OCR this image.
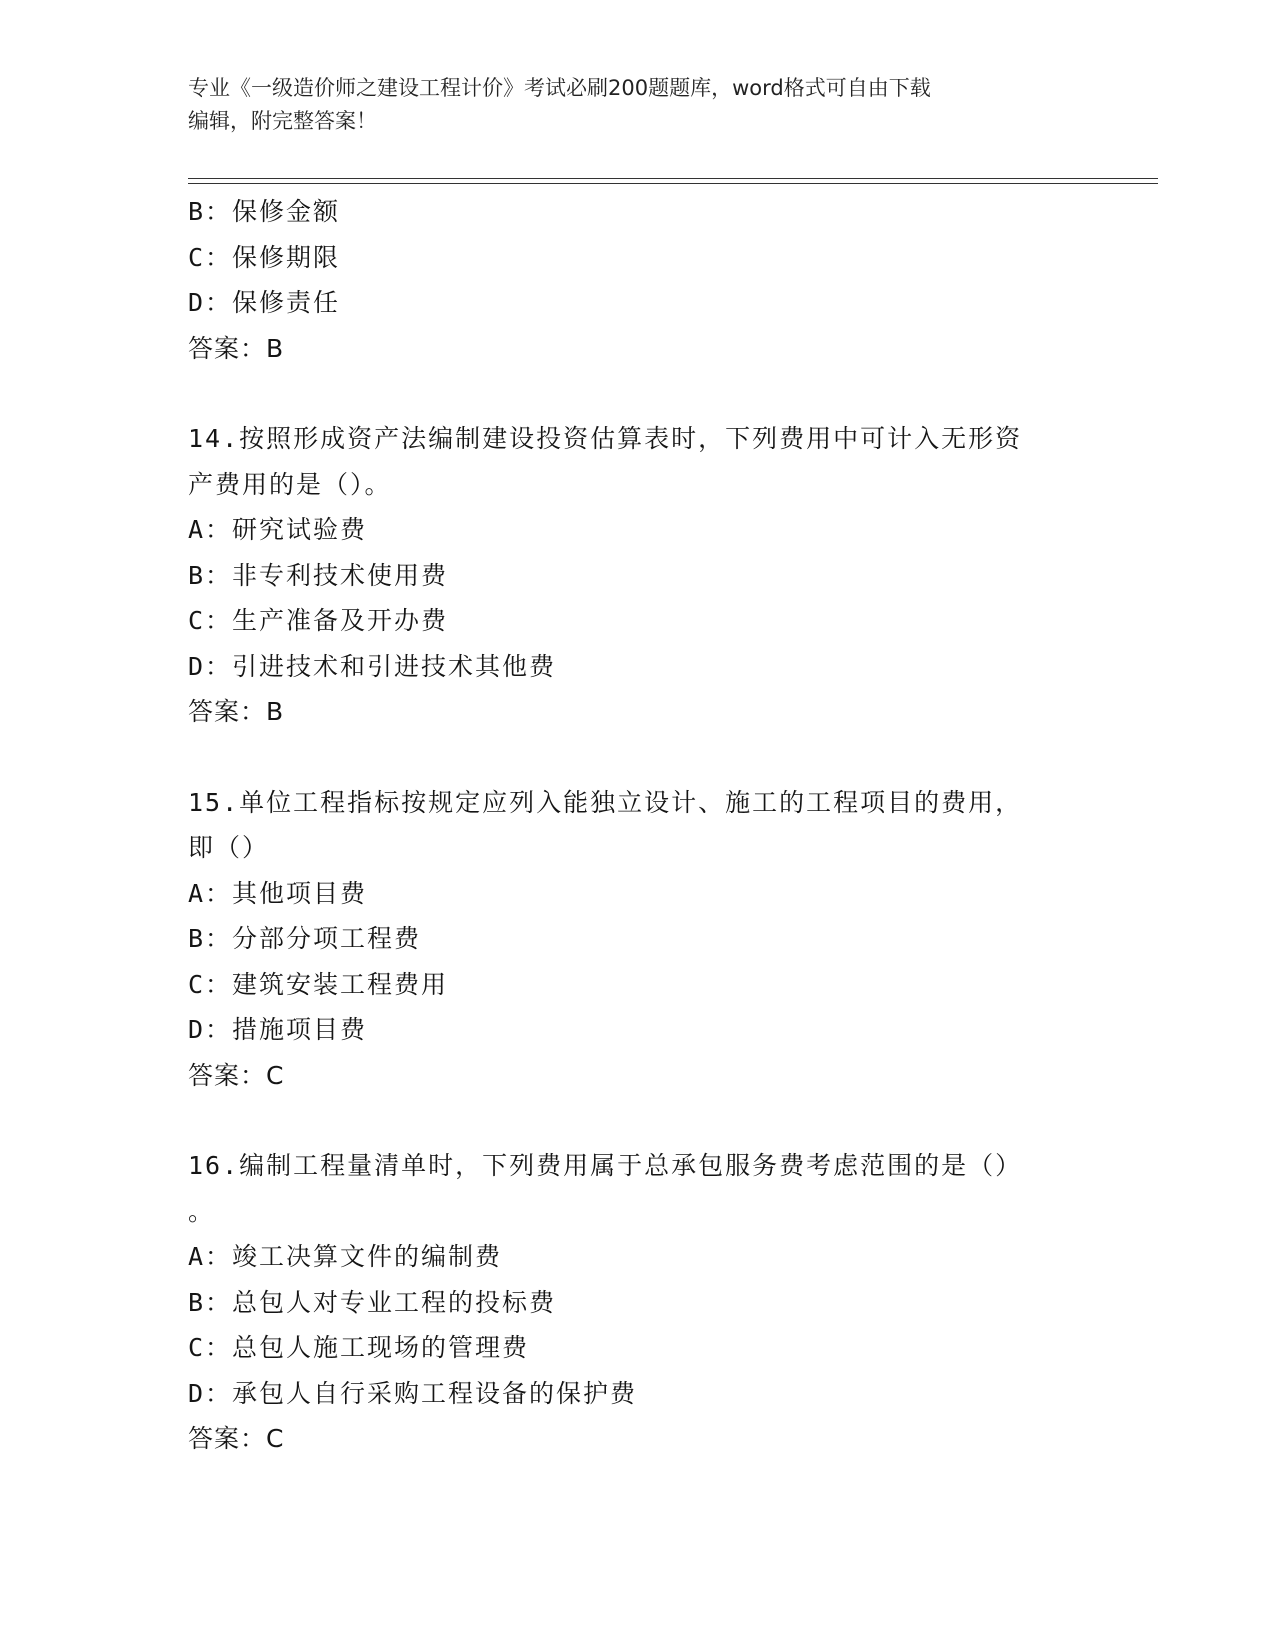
专业《一级造价师之建设工程计价》考试必刷200题题库，word格式可自由下载
编辑，附完整答案！
B：保修金额
C：保修期限
D：保修责任
答案：B
14.按照形成资产法编制建设投资估算表时，下列费用中可计入无形资
产费用的是（）。
A：研究试验费
B：非专利技术使用费
C：生产准备及开办费
D：引进技术和引进技术其他费
答案：B
15.单位工程指标按规定应列入能独立设计、施工的工程项目的费用，
即（）
A：其他项目费
B：分部分项工程费
C：建筑安装工程费用
D：措施项目费
答案：C
16.编制工程量清单时，下列费用属于总承包服务费考虑范围的是（）
。
A：竣工决算文件的编制费
B：总包人对专业工程的投标费
C：总包人施工现场的管理费
D：承包人自行采购工程设备的保护费
答案：C
